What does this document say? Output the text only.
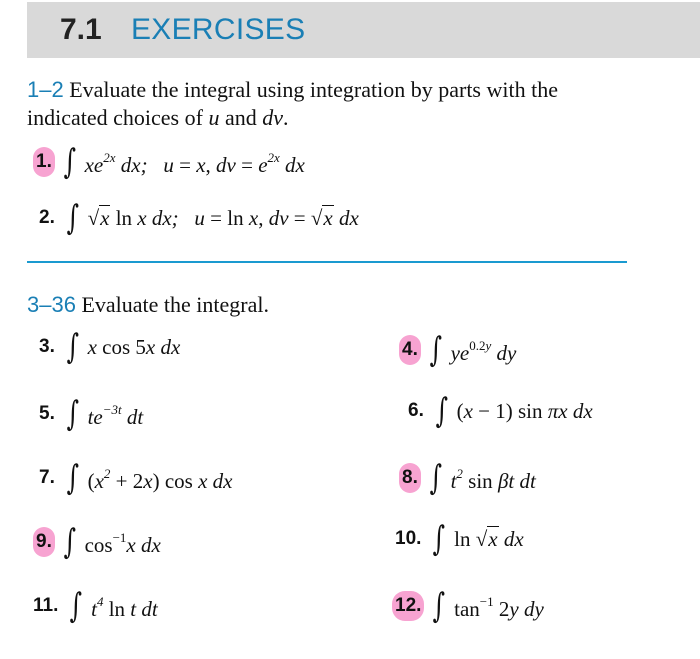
7.1 EXERCISES
1–2 Evaluate the integral using integration by parts with the
indicated choices of u and dv.
1. ∫ $xe^{2x}$ dx;   u = x, dv = $e^{2x}$ dx
2. ∫ √x ln x dx;   u = ln x, dv = √x dx
3–36 Evaluate the integral.
3. ∫ x cos 5x dx
5. ∫ $te^{-3t}$ dt
7. ∫ $(x^2 + 2x)$ cos x dx
9. ∫ $\cos^{-1}x$ dx
11. ∫ $t^4$ ln t dt
4. ∫ $ye^{0.2y}$ dy
6. ∫ (x − 1) sin πx dx
8. ∫ $t^2$ sin βt dt
10. ∫ ln √x dx
12. ∫ $\tan^{-1} 2y$ dy
